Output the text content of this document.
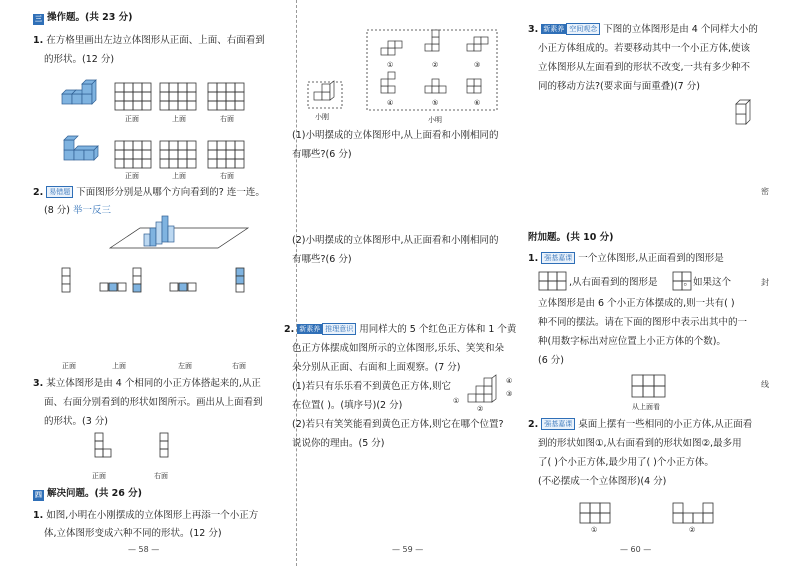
三 操作题。(共 23 分)
1. 在方格里画出左边立体图形从正面、上面、右面看到
的形状。(12 分)
正面	上面	右面
正面	上面	右面
2. 易错题 下面图形分别是从哪个方向看到的? 连一连。
(8 分) 举一反三
正面	上面	左面	右面
3. 某立体图形是由 4 个相同的小正方体搭起来的,从正
面、右面分别看到的形状如图所示。画出从上面看到
的形状。(3 分)
正面	右面
四 解决问题。(共 26 分)
1. 如图,小明在小刚摆成的立体图形上再添一个小正方
体,立体图形变成六种不同的形状。(12 分)
— 58 —
小刚
①	②	③
④	⑤	⑥
小明
(1)小明摆成的立体图形中,从上面看和小刚相同的
有哪些?(6 分)
(2)小明摆成的立体图形中,从正面看和小刚相同的
有哪些?(6 分)
2. 新素养 推理意识 用同样大的 5 个红色正方体和 1 个黄
色正方体摆成如图所示的立体图形,乐乐、笑笑和朵
朵分别从正面、右面和上面观察。(7 分)
(1)若只有乐乐看不到黄色正方体,则它
在位置( )。(填序号)(2 分)
(2)若只有笑笑能看到黄色正方体,则它在哪个位置?
说说你的理由。(5 分)
④
③
①
②
— 59 —
3. 新素养 空间观念 下图的立体图形是由 4 个同样大小的
小正方体组成的。若要移动其中一个小正方体,使该
立体图形从左面看到的形状不改变,一共有多少种不
同的移动方法?(要求面与面重叠)(7 分)
附加题。(共 10 分)
1. 强基嘉课 一个立体图形,从正面看到的图形是
,从右面看到的图形是	。如果这个
立体图形是由 6 个小正方体摆成的,则一共有( )
种不同的摆法。请在下面的图形中表示出其中的一
种(用数字标出对应位置上小正方体的个数)。
(6 分)
从上面看
2. 强基嘉课 桌面上摆有一些相同的小正方体,从正面看
到的形状如图①,从右面看到的形状如图②,最多用
了( )个小正方体,最少用了( )个小正方体。
(不必摆成一个立体图形)(4 分)
①	②
密
封
线
— 60 —
